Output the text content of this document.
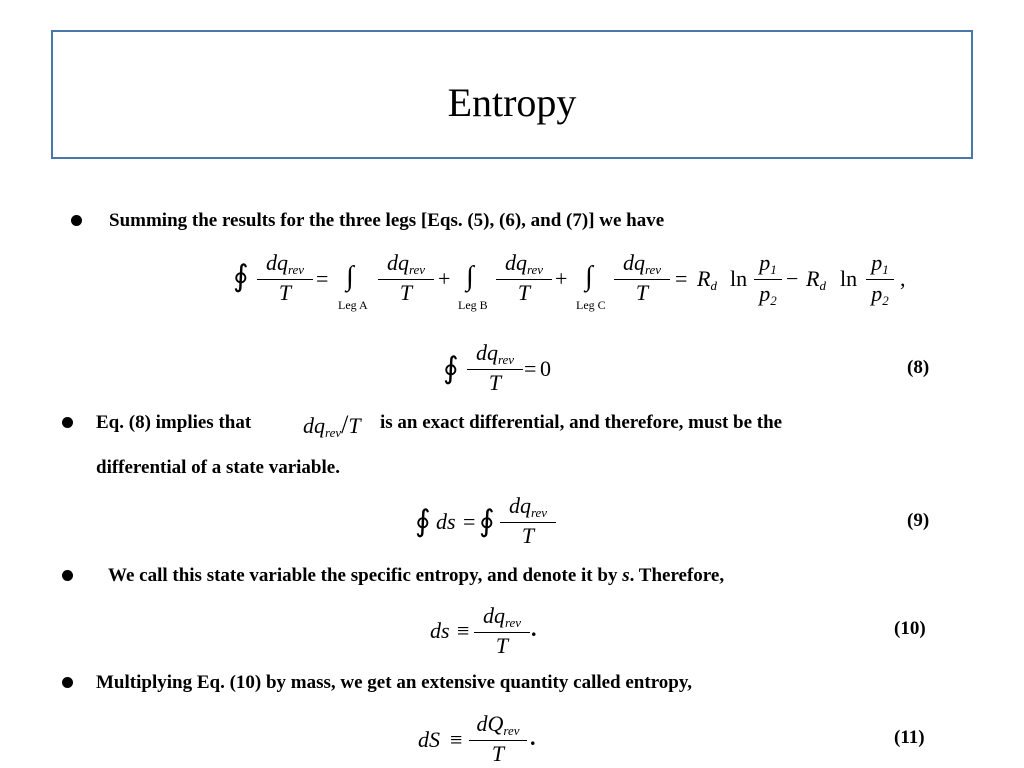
Entropy
Summing the results for the three legs [Eqs. (5), (6), and (7)] we have
∮ $dq_{rev}$
T
= ∫
Leg A
$dq_{rev}$
T
+ ∫
Leg B
$dq_{rev}$
T
+ ∫
Leg C
$dq_{rev}$
T
= $R_d$ ln
p1
p2
− $R_d$ ln
p1
p2
,
∮ $dq_{rev}$
T
= 0	(8)
Eq. (8) implies that $dq_{rev}/T$ is an exact differential, and therefore, must be the
differential of a state variable.
∮ ds = ∮ $dq_{rev}$
T
(9)
We call this state variable the specific entropy, and denote it by s. Therefore,
ds ≡
$dq_{rev}$
T
.	(10)
Multiplying Eq. (10) by mass, we get an extensive quantity called entropy,
dS ≡
$dQ_{rev}$
T
.	(11)
